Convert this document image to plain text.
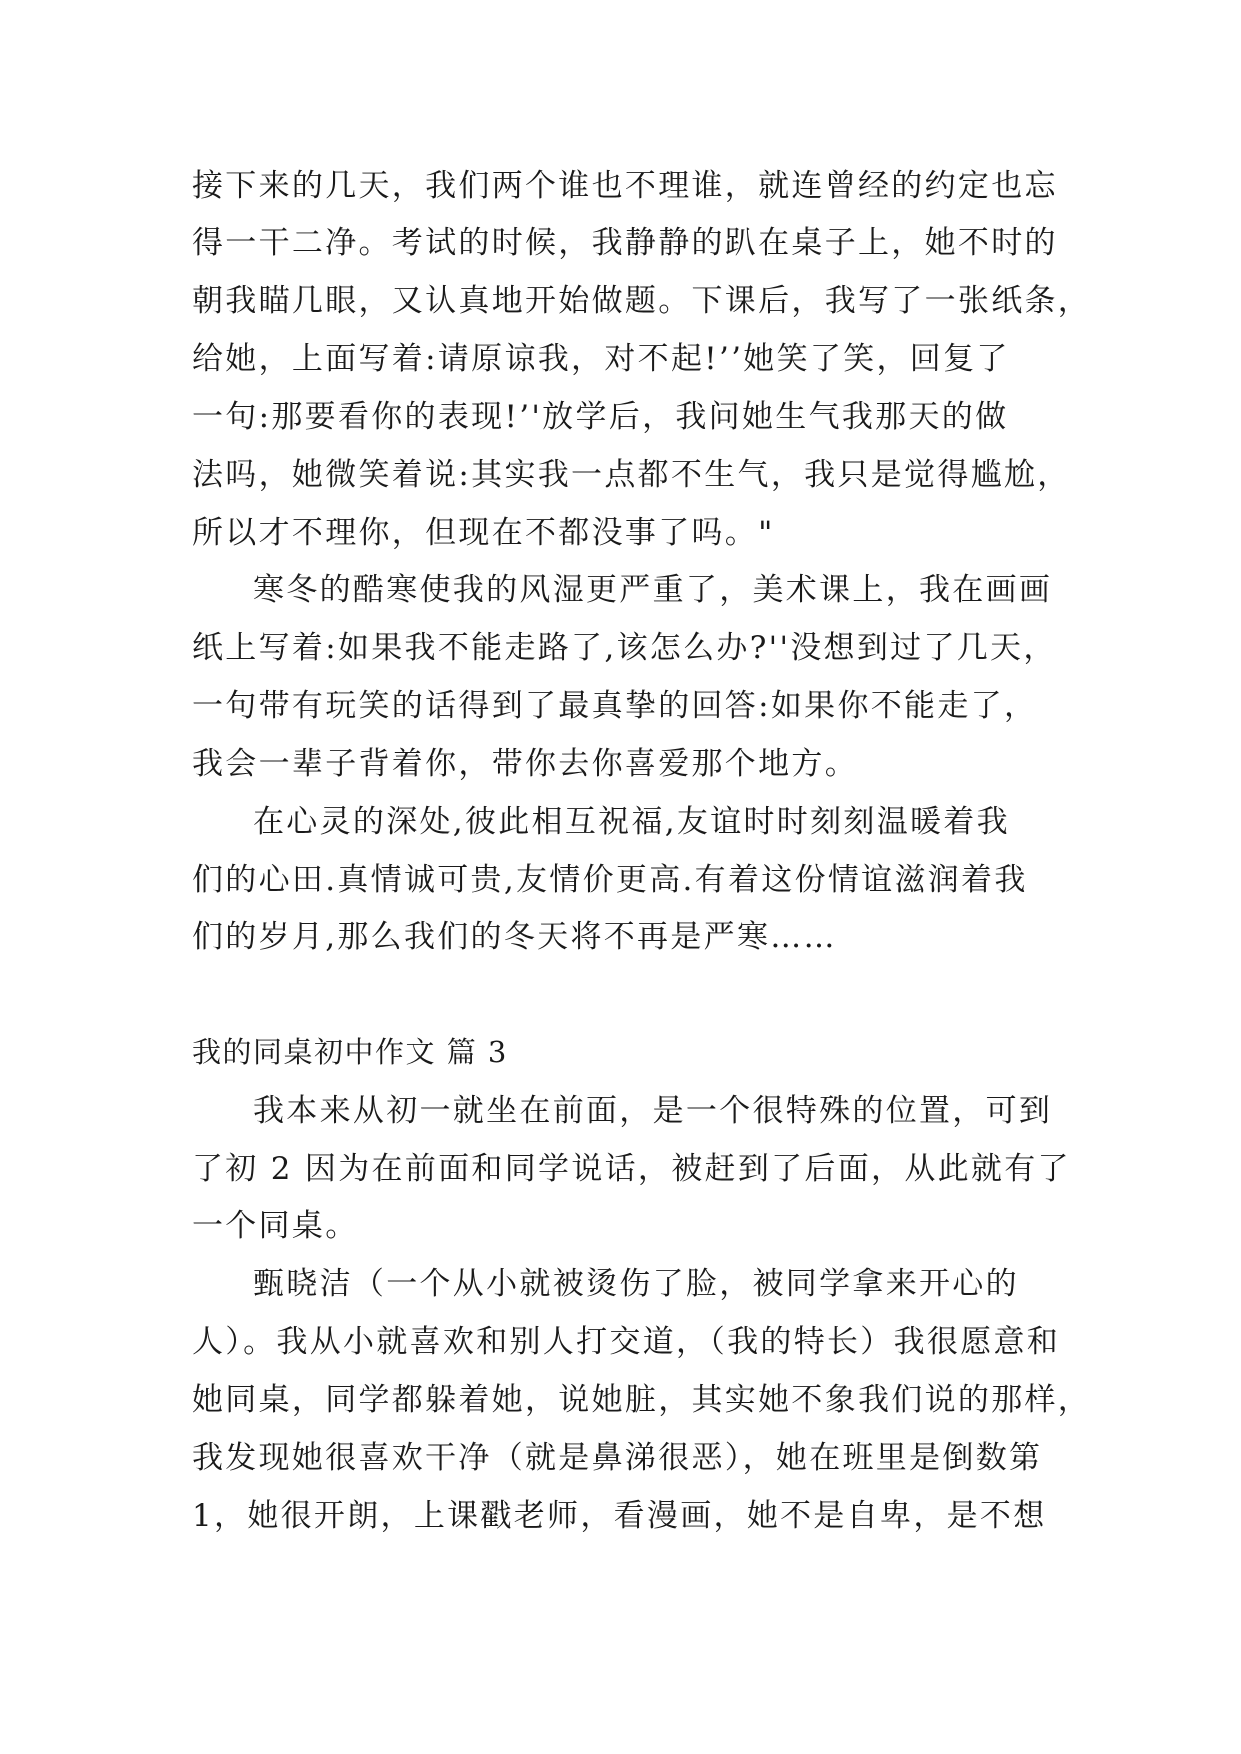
接下来的几天，我们两个谁也不理谁，就连曾经的约定也忘
得一干二净。考试的时候，我静静的趴在桌子上，她不时的
朝我瞄几眼，又认真地开始做题。下课后，我写了一张纸条，
给她，上面写着:请原谅我，对不起!’’她笑了笑，回复了
一句:那要看你的表现!’'放学后，我问她生气我那天的做
法吗，她微笑着说:其实我一点都不生气，我只是觉得尴尬，
所以才不理你，但现在不都没事了吗。"
寒冬的酷寒使我的风湿更严重了，美术课上，我在画画
纸上写着:如果我不能走路了,该怎么办?''没想到过了几天，
一句带有玩笑的话得到了最真挚的回答:如果你不能走了，
我会一辈子背着你，带你去你喜爱那个地方。
在心灵的深处,彼此相互祝福,友谊时时刻刻温暖着我
们的心田.真情诚可贵,友情价更高.有着这份情谊滋润着我
们的岁月,那么我们的冬天将不再是严寒……
我的同桌初中作文 篇 3
我本来从初一就坐在前面，是一个很特殊的位置，可到
了初 2 因为在前面和同学说话，被赶到了后面，从此就有了
一个同桌。
甄晓洁（一个从小就被烫伤了脸，被同学拿来开心的
人）。我从小就喜欢和别人打交道，（我的特长）我很愿意和
她同桌，同学都躲着她，说她脏，其实她不象我们说的那样，
我发现她很喜欢干净（就是鼻涕很恶），她在班里是倒数第
1，她很开朗，上课戳老师，看漫画，她不是自卑，是不想
